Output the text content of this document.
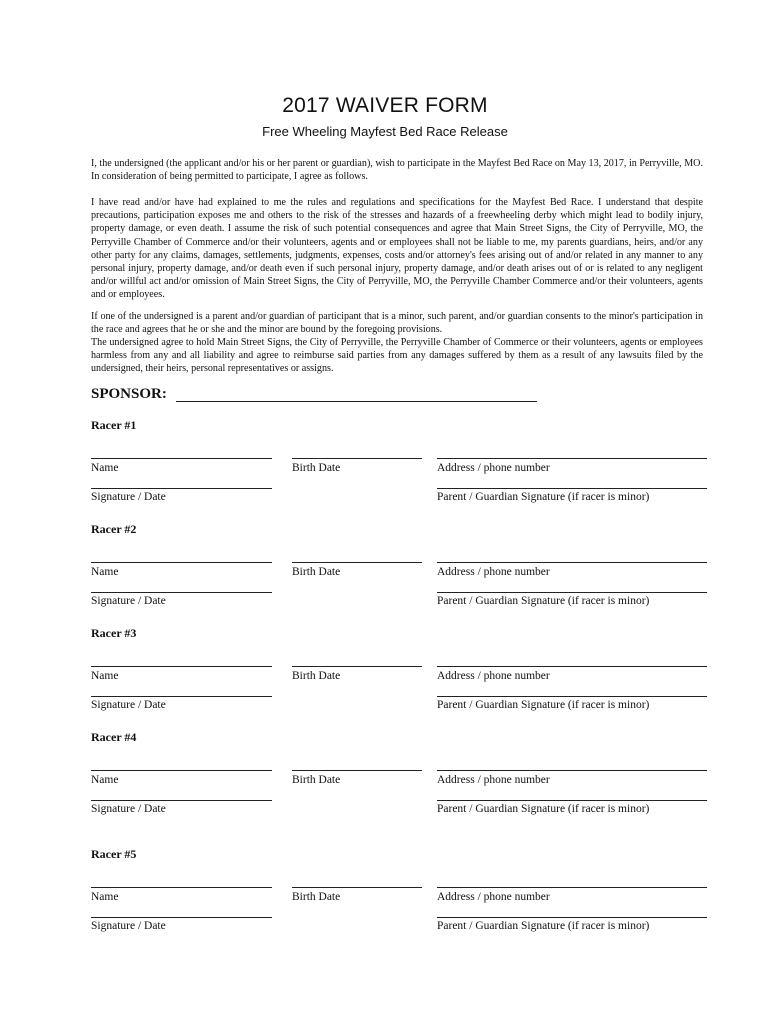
2017 WAIVER FORM
Free Wheeling Mayfest Bed Race Release

I, the undersigned (the applicant and/or his or her parent or guardian), wish to participate in the Mayfest Bed Race on May 13, 2017, in Perryville, MO. In consideration of being permitted to participate, I agree as follows.

I have read and/or have had explained to me the rules and regulations and specifications for the Mayfest Bed Race. I understand that despite precautions, participation exposes me and others to the risk of the stresses and hazards of a freewheeling derby which might lead to bodily injury, property damage, or even death. I assume the risk of such potential consequences and agree that Main Street Signs, the City of Perryville, MO, the Perryville Chamber of Commerce and/or their volunteers, agents and or employees shall not be liable to me, my parents guardians, heirs, and/or any other party for any claims, damages, settlements, judgments, expenses, costs and/or attorney's fees arising out of and/or related in any manner to any personal injury, property damage, and/or death even if such personal injury, property damage, and/or death arises out of or is related to any negligent and/or willful act and/or omission of Main Street Signs, the City of Perryville, MO, the Perryville Chamber Commerce and/or their volunteers, agents and or employees.

If one of the undersigned is a parent and/or guardian of participant that is a minor, such parent, and/or guardian consents to the minor's participation in the race and agrees that he or she and the minor are bound by the foregoing provisions.

The undersigned agree to hold Main Street Signs, the City of Perryville, the Perryville Chamber of Commerce or their volunteers, agents or employees harmless from any and all liability and agree to reimburse said parties from any damages suffered by them as a result of any lawsuits filed by the undersigned, their heirs, personal representatives or assigns.

SPONSOR:
Racer #1
Name	Birth Date	Address / phone number
Signature / Date	Parent / Guardian Signature (if racer is minor)
Racer #2
Name	Birth Date	Address / phone number
Signature / Date	Parent / Guardian Signature (if racer is minor)
Racer #3
Name	Birth Date	Address / phone number
Signature / Date	Parent / Guardian Signature (if racer is minor)
Racer #4
Name	Birth Date	Address / phone number
Signature / Date	Parent / Guardian Signature (if racer is minor)
Racer #5
Name	Birth Date	Address / phone number
Signature / Date	Parent / Guardian Signature (if racer is minor)
